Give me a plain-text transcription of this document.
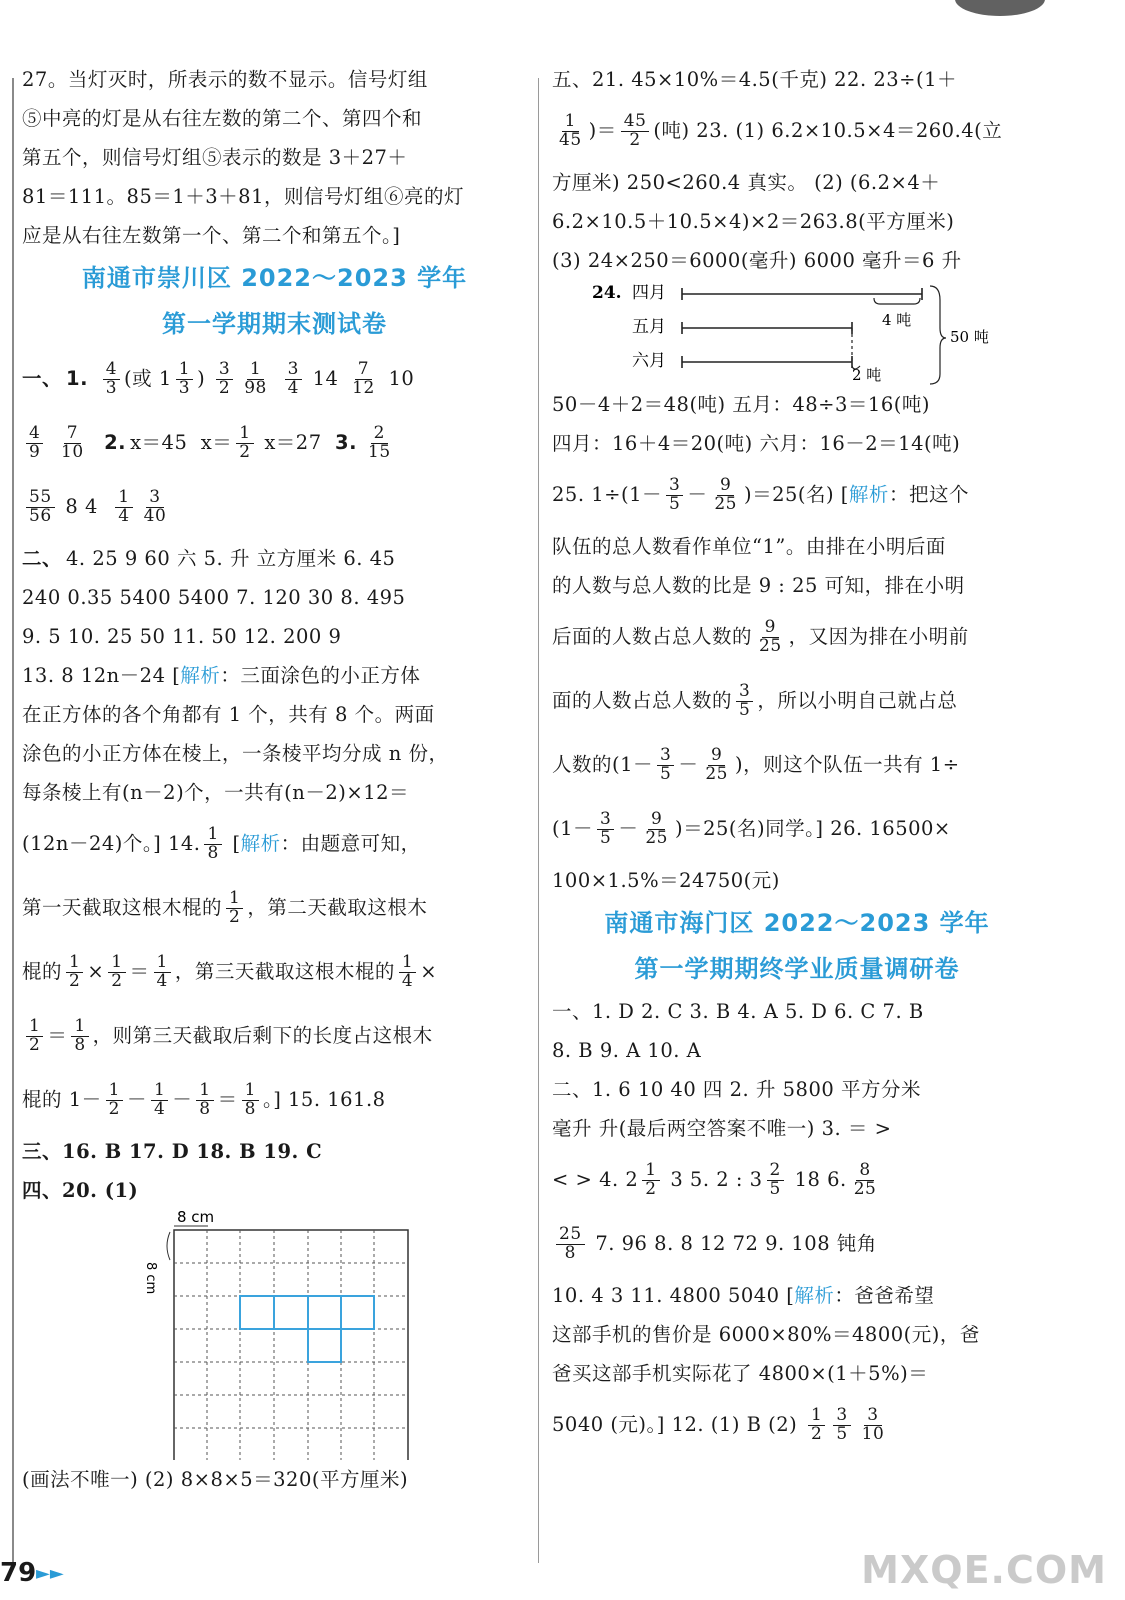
27。当灯灭时，所表示的数不显示。信号灯组
⑤中亮的灯是从右往左数的第二个、第四个和
第五个，则信号灯组⑤表示的数是 3＋27＋
81＝111。85＝1＋3＋81，则信号灯组⑥亮的灯
应是从右往左数第一个、第二个和第五个。]
南通市崇川区 2022～2023 学年
第一学期期末测试卷
一、 1. $\frac{4}{3}$ (或 $1 \frac{1}{3}$ ) $\frac{3}{2} \frac{1}{98}$
$\frac{3}{4} 14 \frac{7}{12} 10$
$\frac{4}{9}$
$\frac{7}{10} 2$. x＝45 $x= \frac{1}{2} x=27$ 3. $\frac{2}{15}$
$\frac{55}{56} 8$ $4 \frac{1}{4} \frac{3}{40}$
二、 4. 25 9 60 六 5. 升 立方厘米 6. 45
240 0.35 5400 5400 7. 120 30 8. 495
9. 5 10. 25 50 11. 50 12. 200 9
13. 8 12n－24 [解析：三面涂色的小正方体
在正方体的各个角都有 1 个，共有 8 个。两面
涂色的小正方体在棱上，一条棱平均分成 n 份，
每条棱上有(n－2)个，一共有(n－2)×12＝
(12n－24)个。] 14. $\frac{1}{8}$ [解析：由题意可知，
第一天截取这根木棍的 $\frac{1}{2}$ ，第二天截取这根木
棍的 $\frac{1}{2} \times \frac{1}{2} = \frac{1}{4}$ ，第三天截取这根木棍的 $\frac{1}{4}$ ×
$\frac{1}{2} = \frac{1}{8}$ ，则第三天截取后剩下的长度占这根木
棍的 $1- \frac{1}{2} - \frac{1}{4} - \frac{1}{8} = \frac{1}{8}$ 。] 15. 161.8
三、16. B 17. D 18. B 19. C
四、20. (1)
8 cm
8 cm
(画法不唯一) (2) 8×8×5＝320(平方厘米)
五、21. 45×10%＝4.5(千克) 22. 23÷(1＋
$\frac{1}{45}$ )＝ $\frac{45}{2}$ (吨) 23. (1) 6.2×10.5×4＝260.4(立
方厘米) 250<260.4 真实。 (2) (6.2×4＋
6.2×10.5＋10.5×4)×2＝263.8(平方厘米)
(3) 24×250＝6000(毫升) 6000 毫升＝6 升
24. 四月
五月
六月
4 吨
2 吨
50 吨
50－4＋2＝48(吨) 五月：48÷3＝16(吨)
四月：16＋4＝20(吨) 六月：16－2＝14(吨)
25. $1\div(1- \frac{3}{5} - \frac{9}{25} )=25$(名) [解析：把这个
队伍的总人数看作单位“1”。由排在小明后面
的人数与总人数的比是 9 : 25 可知，排在小明
后面的人数占总人数的 $\frac{9}{25}$ ，又因为排在小明前
面的人数占总人数的 $\frac{3}{5}$ ，所以小明自己就占总
人数的($1- \frac{3}{5} - \frac{9}{25}$ )，则这个队伍一共有 1÷
$(1- \frac{3}{5} - \frac{9}{25} )=25$(名)同学。] 26. 16500×
100×1.5%＝24750(元)
南通市海门区 2022～2023 学年
第一学期期终学业质量调研卷
一、1. D 2. C 3. B 4. A 5. D 6. C 7. B
8. B 9. A 10. A
二、1. 6 10 40 四 2. 升 5800 平方分米
毫升 升(最后两空答案不唯一) 3. ＝ >
< > 4. $2 \frac{1}{2} 3$ 5. 2 : $3 \frac{2}{5} 18$ 6. $\frac{8}{25}$
$\frac{25}{8} 7$. 96 8. 8 12 72 9. 108 钝角
10. 4 3 11. 4800 5040 [解析：爸爸希望
这部手机的售价是 6000×80%＝4800(元)，爸
爸买这部手机实际花了 4800×(1＋5%)＝
5040 (元)。] 12. (1) B $(2) \frac{1}{2} \frac{3}{5} \frac{3}{10}$
79 ►►	MXQE.COM
